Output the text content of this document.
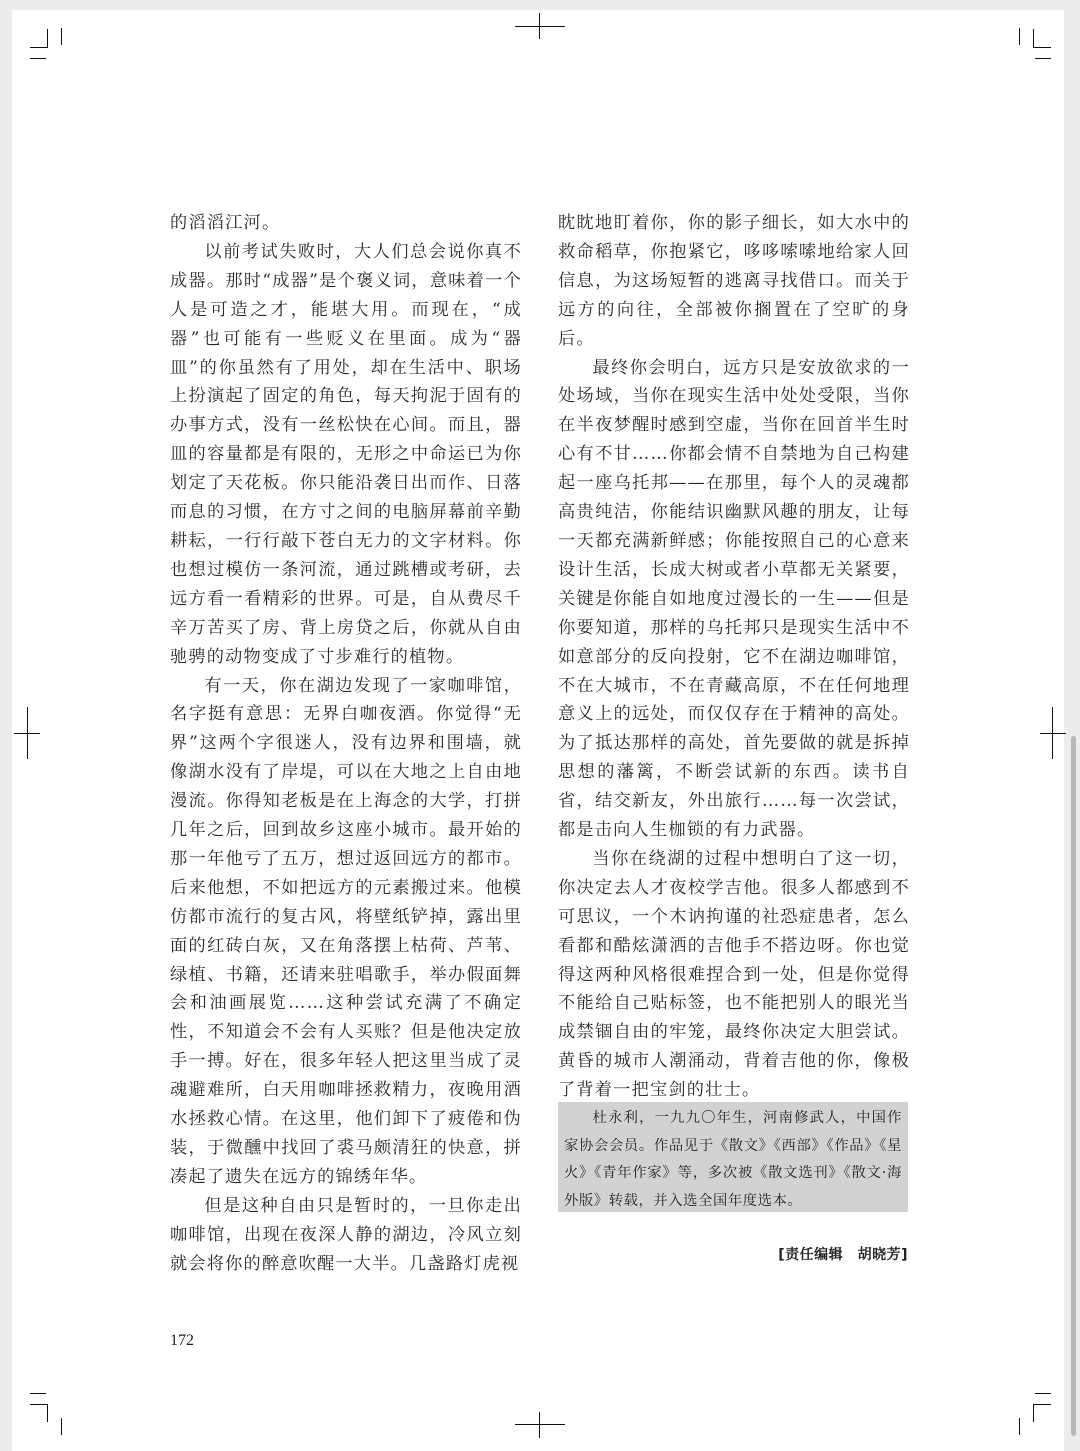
的滔滔江河。

以前考试失败时，大人们总会说你真不成器。那时“成器”是个褒义词，意味着一个人是可造之才，能堪大用。而现在，“成器”也可能有一些贬义在里面。成为“器皿”的你虽然有了用处，却在生活中、职场上扮演起了固定的角色，每天拘泥于固有的办事方式，没有一丝松快在心间。而且，器皿的容量都是有限的，无形之中命运已为你划定了天花板。你只能沿袭日出而作、日落而息的习惯，在方寸之间的电脑屏幕前辛勤耕耘，一行行敲下苍白无力的文字材料。你也想过模仿一条河流，通过跳槽或考研，去远方看一看精彩的世界。可是，自从费尽千辛万苦买了房、背上房贷之后，你就从自由驰骋的动物变成了寸步难行的植物。

有一天，你在湖边发现了一家咖啡馆，名字挺有意思：无界白咖夜酒。你觉得“无界”这两个字很迷人，没有边界和围墙，就像湖水没有了岸堤，可以在大地之上自由地漫流。你得知老板是在上海念的大学，打拼几年之后，回到故乡这座小城市。最开始的那一年他亏了五万，想过返回远方的都市。后来他想，不如把远方的元素搬过来。他模仿都市流行的复古风，将壁纸铲掉，露出里面的红砖白灰，又在角落摆上枯荷、芦苇、绿植、书籍，还请来驻唱歌手，举办假面舞会和油画展览……这种尝试充满了不确定性，不知道会不会有人买账？但是他决定放手一搏。好在，很多年轻人把这里当成了灵魂避难所，白天用咖啡拯救精力，夜晚用酒水拯救心情。在这里，他们卸下了疲倦和伪装，于微醺中找回了裘马颇清狂的快意，拼凑起了遗失在远方的锦绣年华。

但是这种自由只是暂时的，一旦你走出咖啡馆，出现在夜深人静的湖边，冷风立刻就会将你的醉意吹醒一大半。几盏路灯虎视

眈眈地盯着你，你的影子细长，如大水中的救命稻草，你抱紧它，哆哆嗦嗦地给家人回信息，为这场短暂的逃离寻找借口。而关于远方的向往，全部被你搁置在了空旷的身后。

最终你会明白，远方只是安放欲求的一处场域，当你在现实生活中处处受限，当你在半夜梦醒时感到空虚，当你在回首半生时心有不甘……你都会情不自禁地为自己构建起一座乌托邦——在那里，每个人的灵魂都高贵纯洁，你能结识幽默风趣的朋友，让每一天都充满新鲜感；你能按照自己的心意来设计生活，长成大树或者小草都无关紧要，关键是你能自如地度过漫长的一生——但是你要知道，那样的乌托邦只是现实生活中不如意部分的反向投射，它不在湖边咖啡馆，不在大城市，不在青藏高原，不在任何地理意义上的远处，而仅仅存在于精神的高处。为了抵达那样的高处，首先要做的就是拆掉思想的藩篱，不断尝试新的东西。读书自省，结交新友，外出旅行……每一次尝试，都是击向人生枷锁的有力武器。

当你在绕湖的过程中想明白了这一切，你决定去人才夜校学吉他。很多人都感到不可思议，一个木讷拘谨的社恐症患者，怎么看都和酷炫潇洒的吉他手不搭边呀。你也觉得这两种风格很难捏合到一处，但是你觉得不能给自己贴标签，也不能把别人的眼光当成禁锢自由的牢笼，最终你决定大胆尝试。黄昏的城市人潮涌动，背着吉他的你，像极了背着一把宝剑的壮士。

杜永利，一九九〇年生，河南修武人，中国作家协会会员。作品见于《散文》《西部》《作品》《星火》《青年作家》等，多次被《散文选刊》《散文·海外版》转载，并入选全国年度选本。

[责任编辑　胡晓芳]
172
